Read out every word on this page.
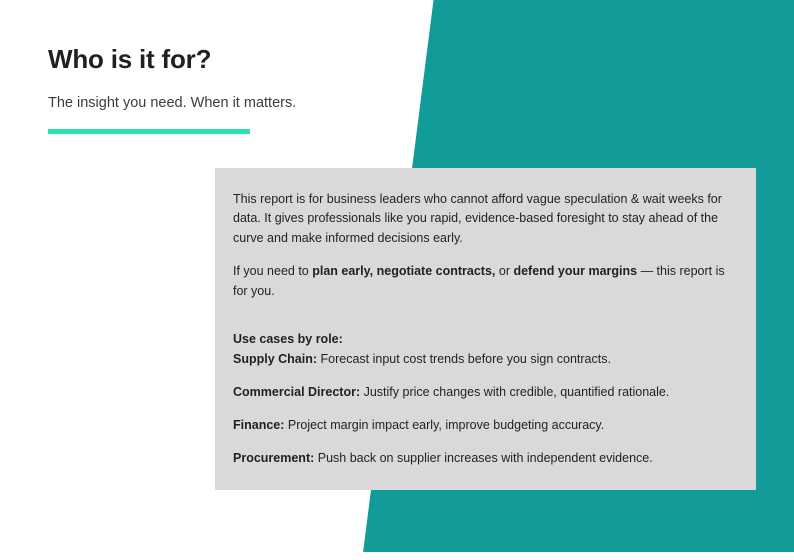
Who is it for?

The insight you need. When it matters.

This report is for business leaders who cannot afford vague speculation & wait weeks for data. It gives professionals like you rapid, evidence-based foresight to stay ahead of the curve and make informed decisions early.

If you need to plan early, negotiate contracts, or defend your margins — this report is for you.

Use cases by role:

Supply Chain: Forecast input cost trends before you sign contracts.

Commercial Director: Justify price changes with credible, quantified rationale.

Finance: Project margin impact early, improve budgeting accuracy.

Procurement: Push back on supplier increases with independent evidence.
